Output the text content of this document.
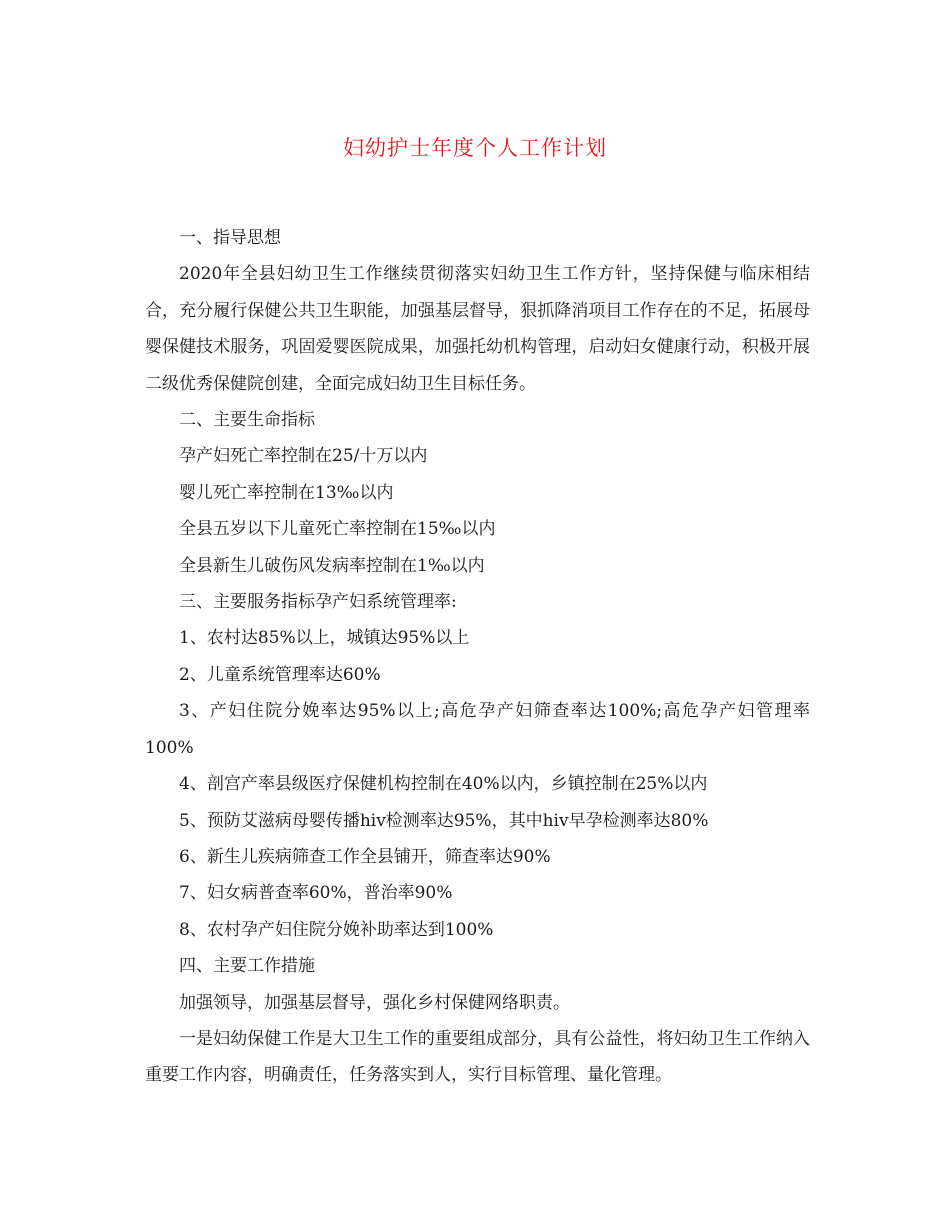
妇幼护士年度个人工作计划

一、指导思想

2020年全县妇幼卫生工作继续贯彻落实妇幼卫生工作方针，坚持保健与临床相结合，充分履行保健公共卫生职能，加强基层督导，狠抓降消项目工作存在的不足，拓展母婴保健技术服务，巩固爱婴医院成果，加强托幼机构管理，启动妇女健康行动，积极开展二级优秀保健院创建，全面完成妇幼卫生目标任务。

二、主要生命指标

孕产妇死亡率控制在25/十万以内

婴儿死亡率控制在13‰以内

全县五岁以下儿童死亡率控制在15‰以内

全县新生儿破伤风发病率控制在1‰以内

三、主要服务指标孕产妇系统管理率:

1、农村达85%以上，城镇达95%以上

2、儿童系统管理率达60%

3、产妇住院分娩率达95%以上;高危孕产妇筛查率达100%;高危孕产妇管理率100%

4、剖宫产率县级医疗保健机构控制在40%以内，乡镇控制在25%以内

5、预防艾滋病母婴传播hiv检测率达95%，其中hiv早孕检测率达80%

6、新生儿疾病筛查工作全县铺开，筛查率达90%

7、妇女病普查率60%，普治率90%

8、农村孕产妇住院分娩补助率达到100%

四、主要工作措施

加强领导，加强基层督导，强化乡村保健网络职责。

一是妇幼保健工作是大卫生工作的重要组成部分，具有公益性，将妇幼卫生工作纳入重要工作内容，明确责任，任务落实到人，实行目标管理、量化管理。
